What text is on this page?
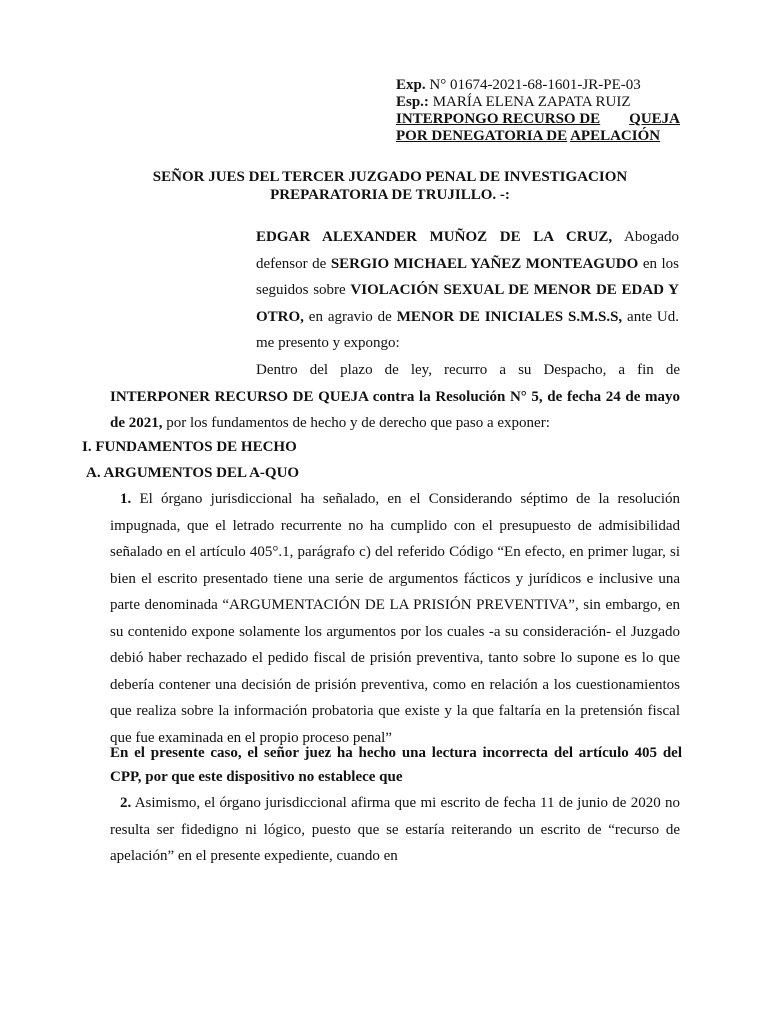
Exp. N° 01674-2021-68-1601-JR-PE-03
Esp.: MARÍA ELENA ZAPATA RUIZ
INTERPONGO RECURSO DE QUEJA
POR DENEGATORIA DE APELACIÓN
SEÑOR JUES DEL TERCER JUZGADO PENAL DE INVESTIGACION
PREPARATORIA DE TRUJILLO. -:
EDGAR ALEXANDER MUÑOZ DE LA CRUZ, Abogado defensor de SERGIO MICHAEL YAÑEZ MONTEAGUDO en los seguidos sobre VIOLACIÓN SEXUAL DE MENOR DE EDAD Y OTRO, en agravio de MENOR DE INICIALES S.M.S.S, ante Ud. me presento y expongo:
Dentro del plazo de ley, recurro a su Despacho, a fin de INTERPONER RECURSO DE QUEJA contra la Resolución N° 5, de fecha 24 de mayo de 2021, por los fundamentos de hecho y de derecho que paso a exponer:
I. FUNDAMENTOS DE HECHO
A. ARGUMENTOS DEL A-QUO
1. El órgano jurisdiccional ha señalado, en el Considerando séptimo de la resolución impugnada, que el letrado recurrente no ha cumplido con el presupuesto de admisibilidad señalado en el artículo 405°.1, parágrafo c) del referido Código “En efecto, en primer lugar, si bien el escrito presentado tiene una serie de argumentos fácticos y jurídicos e inclusive una parte denominada “ARGUMENTACIÓN DE LA PRISIÓN PREVENTIVA”, sin embargo, en su contenido expone solamente los argumentos por los cuales -a su consideración- el Juzgado debió haber rechazado el pedido fiscal de prisión preventiva, tanto sobre lo supone es lo que debería contener una decisión de prisión preventiva, como en relación a los cuestionamientos que realiza sobre la información probatoria que existe y la que faltaría en la pretensión fiscal que fue examinada en el propio proceso penal”
En el presente caso, el señor juez ha hecho una lectura incorrecta del artículo 405 del CPP, por que este dispositivo no establece que
2. Asimismo, el órgano jurisdiccional afirma que mi escrito de fecha 11 de junio de 2020 no resulta ser fidedigno ni lógico, puesto que se estaría reiterando un escrito de “recurso de apelación” en el presente expediente, cuando en
